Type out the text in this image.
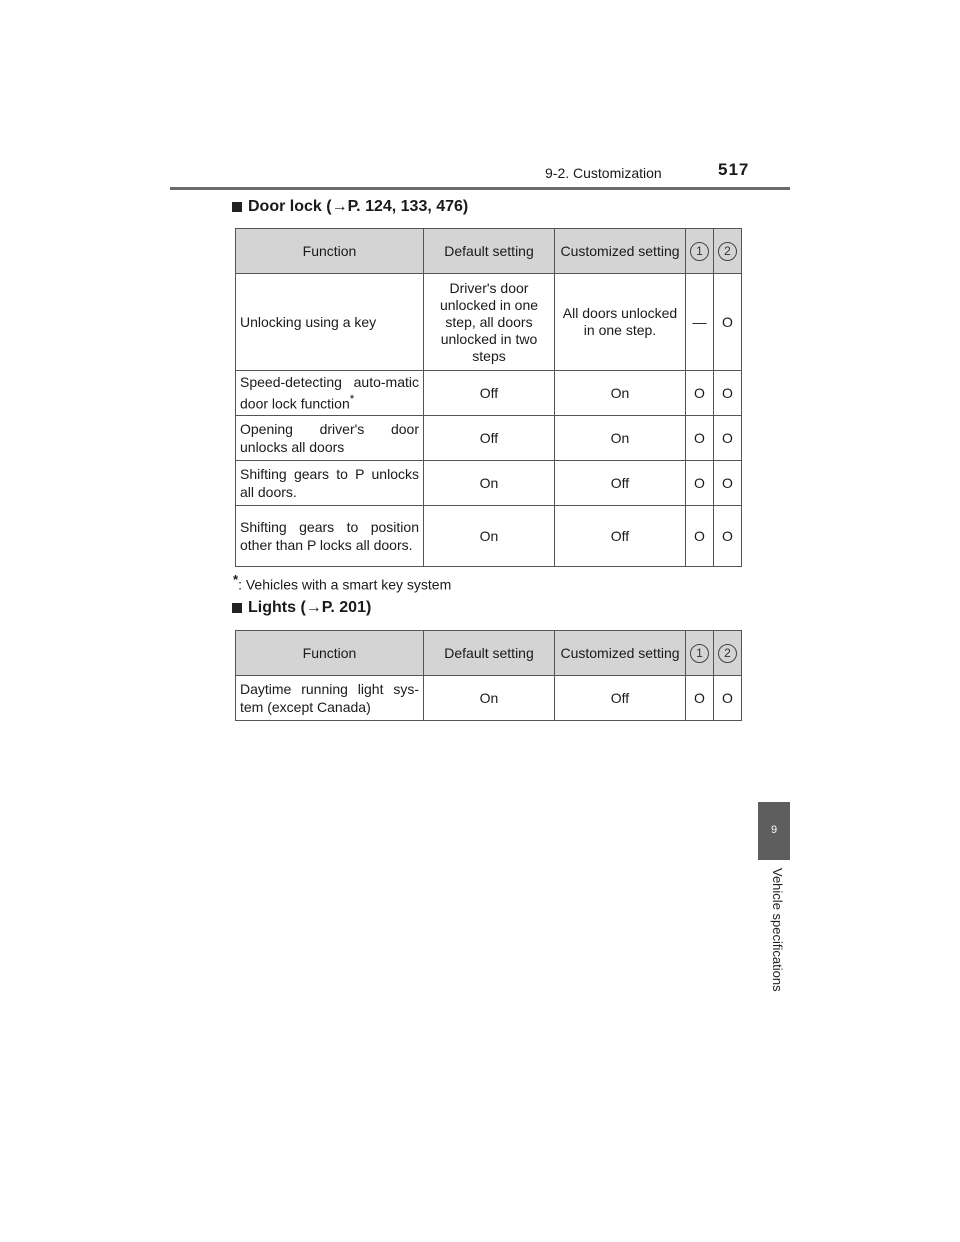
9-2. Customization	517
9
Vehicle specifications
Door lock (→P. 124, 133, 476)
Function	Default setting	Customized setting	1	2
Unlocking using a key	Driver's door unlocked in one step, all doors unlocked in two steps	All doors unlocked in one step.	—	O
Speed-detecting auto-matic door lock function*	Off	On	O	O
Opening driver's door unlocks all doors	Off	On	O	O
Shifting gears to P unlocks all doors.	On	Off	O	O
Shifting gears to position other than P locks all doors.	On	Off	O	O
*: Vehicles with a smart key system
Lights (→P. 201)
Function	Default setting	Customized setting	1	2
Daytime running light sys-tem (except Canada)	On	Off	O	O
